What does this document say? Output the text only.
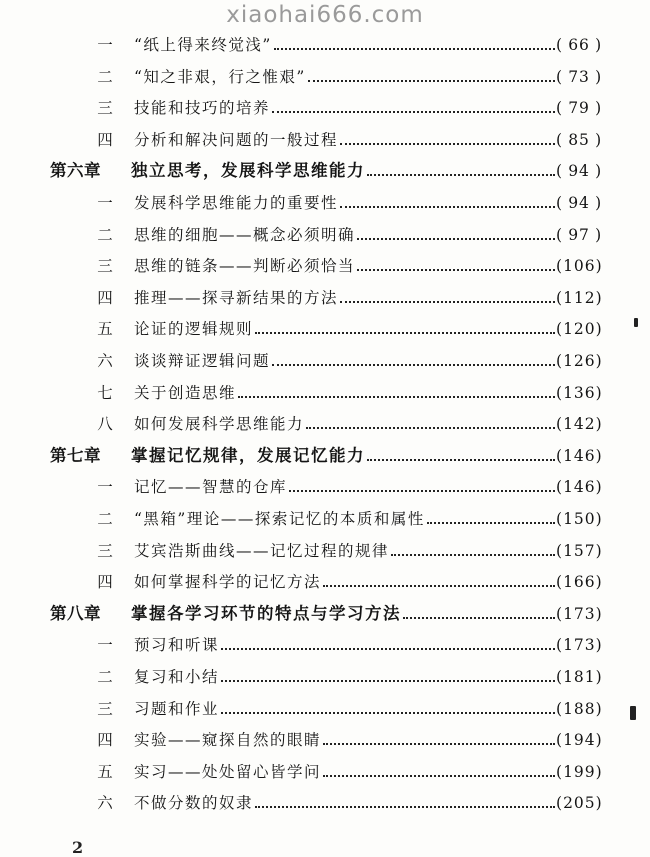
xiaohai666.com
一	“纸上得来终觉浅”	( 66 )
二	“知之非艰，行之惟艰”	( 73 )
三	技能和技巧的培养	( 79 )
四	分析和解决问题的一般过程	( 85 )
第六章	独立思考，发展科学思维能力	( 94 )
一	发展科学思维能力的重要性	( 94 )
二	思维的细胞——概念必须明确	( 97 )
三	思维的链条——判断必须恰当	(106)
四	推理——探寻新结果的方法	(112)
五	论证的逻辑规则	(120)
六	谈谈辩证逻辑问题	(126)
七	关于创造思维	(136)
八	如何发展科学思维能力	(142)
第七章	掌握记忆规律，发展记忆能力	(146)
一	记忆——智慧的仓库	(146)
二	“黑箱”理论——探索记忆的本质和属性	(150)
三	艾宾浩斯曲线——记忆过程的规律	(157)
四	如何掌握科学的记忆方法	(166)
第八章	掌握各学习环节的特点与学习方法	(173)
一	预习和听课	(173)
二	复习和小结	(181)
三	习题和作业	(188)
四	实验——窥探自然的眼睛	(194)
五	实习——处处留心皆学问	(199)
六	不做分数的奴隶	(205)
2
